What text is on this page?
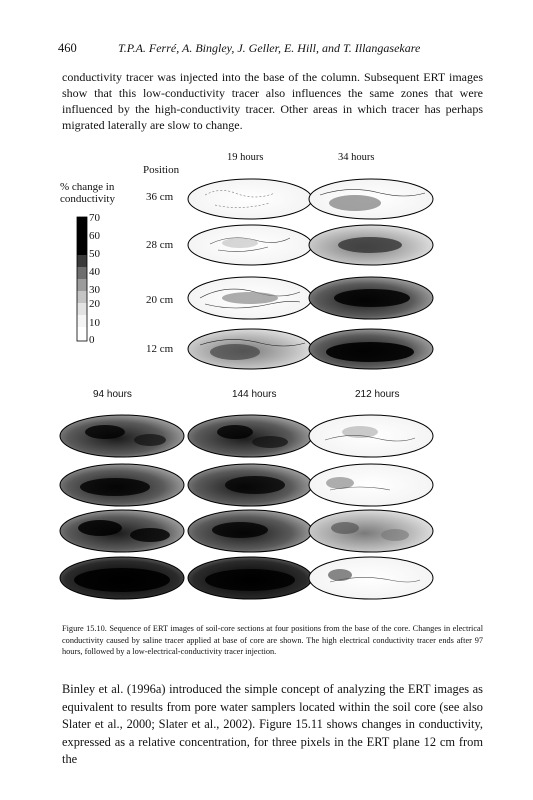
460	T.P.A. Ferré, A. Bingley, J. Geller, E. Hill, and T. Illangasekare

conductivity tracer was injected into the base of the column. Subsequent ERT images show that this low-conductivity tracer also influences the same zones that were influenced by the high-conductivity tracer. Other areas in which tracer has perhaps migrated laterally are slow to change.

19 hours	34 hours
Position
% change in
conductivity	36 cm
28 cm
20 cm
12 cm
70
60
50
40
30
20
10
0
94 hours	144 hours	212 hours

Figure 15.10. Sequence of ERT images of soil-core sections at four positions from the base of the core. Changes in electrical conductivity caused by saline tracer applied at base of core are shown. The high electrical conductivity tracer ends after 97 hours, followed by a low-electrical-conductivity tracer injection.

Binley et al. (1996a) introduced the simple concept of analyzing the ERT images as equivalent to results from pore water samplers located within the soil core (see also Slater et al., 2000; Slater et al., 2002). Figure 15.11 shows changes in conductivity, expressed as a relative concentration, for three pixels in the ERT plane 12 cm from the
